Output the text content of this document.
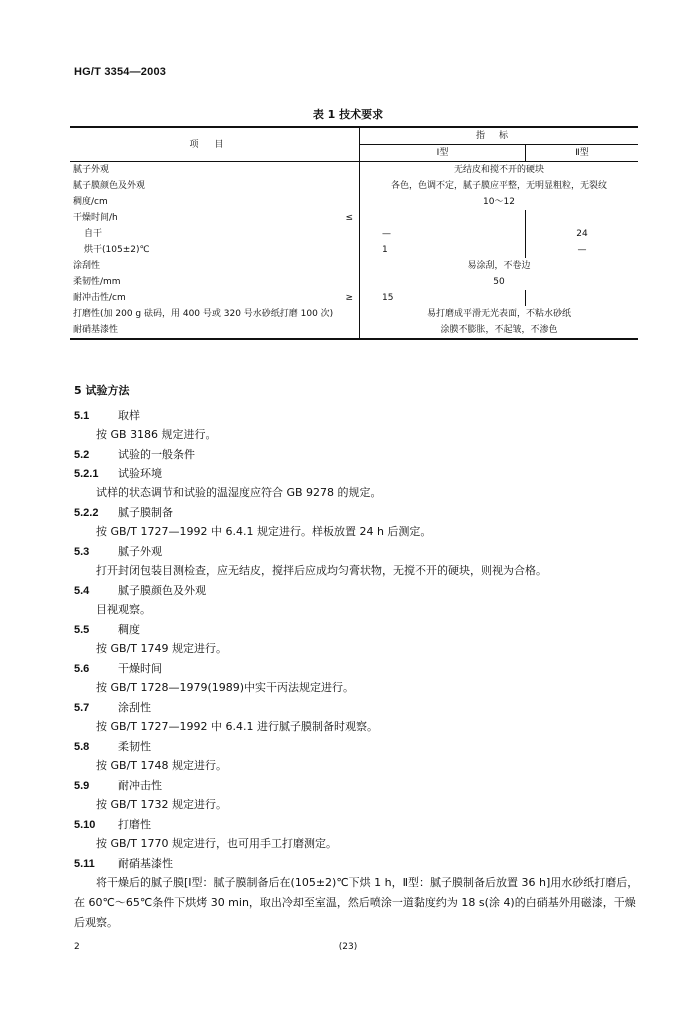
HG/T 3354—2003
表 1 技术要求
项目	指标	
	Ⅰ型	Ⅱ型
腻子外观	无结皮和搅不开的硬块	
腻子膜颜色及外观	各色，色调不定，腻子膜应平整，无明显粗粒，无裂纹	
稠度/cm	10～12	
干燥时间/h ≤		

自干	—	24
烘干(105±2)℃	1	—
涂刮性	易涂刮，不卷边	
柔韧性/mm	50	
耐冲击性/cm ≥	15	
打磨性(加 200 g 砝码，用 400 号或 320 号水砂纸打磨 100 次)	易打磨成平滑无光表面，不粘水砂纸	
耐硝基漆性	涂膜不膨胀，不起皱，不渗色	
5 试验方法
5.1	取样
按 GB 3186 规定进行。
5.2	试验的一般条件
5.2.1 试验环境
试样的状态调节和试验的温湿度应符合 GB 9278 的规定。
5.2.2 腻子膜制备
按 GB/T 1727—1992 中 6.4.1 规定进行。样板放置 24 h 后测定。
5.3	腻子外观
打开封闭包装目测检查，应无结皮，搅拌后应成均匀膏状物，无搅不开的硬块，则视为合格。
5.4	腻子膜颜色及外观
目视观察。
5.5	稠度
按 GB/T 1749 规定进行。
5.6	干燥时间
按 GB/T 1728—1979(1989)中实干丙法规定进行。
5.7	涂刮性
按 GB/T 1727—1992 中 6.4.1 进行腻子膜制备时观察。
5.8	柔韧性
按 GB/T 1748 规定进行。
5.9	耐冲击性
按 GB/T 1732 规定进行。
5.10 打磨性
按 GB/T 1770 规定进行，也可用手工打磨测定。
5.11 耐硝基漆性
将干燥后的腻子膜[Ⅰ型：腻子膜制备后在(105±2)℃下烘 1 h，Ⅱ型：腻子膜制备后放置 36 h]用水砂纸打磨后，在 60℃～65℃条件下烘烤 30 min，取出冷却至室温，然后喷涂一道黏度约为 18 s(涂 4)的白硝基外用磁漆，干燥后观察。
2	(23)
